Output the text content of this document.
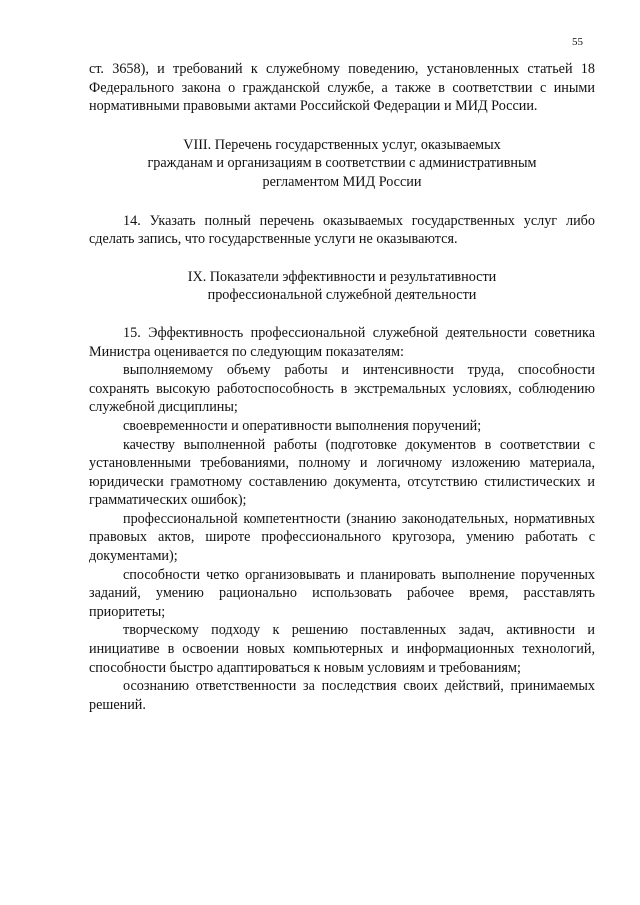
55

ст. 3658), и требований к служебному поведению, установленных статьей 18 Федерального закона о гражданской службе, а также в соответствии с иными нормативными правовыми актами Российской Федерации и МИД России.

VIII. Перечень государственных услуг, оказываемых
гражданам и организациям в соответствии с административным
регламентом МИД России

14. Указать полный перечень оказываемых государственных услуг либо сделать запись, что государственные услуги не оказываются.

IX. Показатели эффективности и результативности
профессиональной служебной деятельности

15. Эффективность профессиональной служебной деятельности советника Министра оценивается по следующим показателям:

выполняемому объему работы и интенсивности труда, способности сохранять высокую работоспособность в экстремальных условиях, соблюдению служебной дисциплины;

своевременности и оперативности выполнения поручений;

качеству выполненной работы (подготовке документов в соответствии с установленными требованиями, полному и логичному изложению материала, юридически грамотному составлению документа, отсутствию стилистических и грамматических ошибок);

профессиональной компетентности (знанию законодательных, нормативных правовых актов, широте профессионального кругозора, умению работать с документами);

способности четко организовывать и планировать выполнение порученных заданий, умению рационально использовать рабочее время, расставлять приоритеты;

творческому подходу к решению поставленных задач, активности и инициативе в освоении новых компьютерных и информационных технологий, способности быстро адаптироваться к новым условиям и требованиям;

осознанию ответственности за последствия своих действий, принимаемых решений.
